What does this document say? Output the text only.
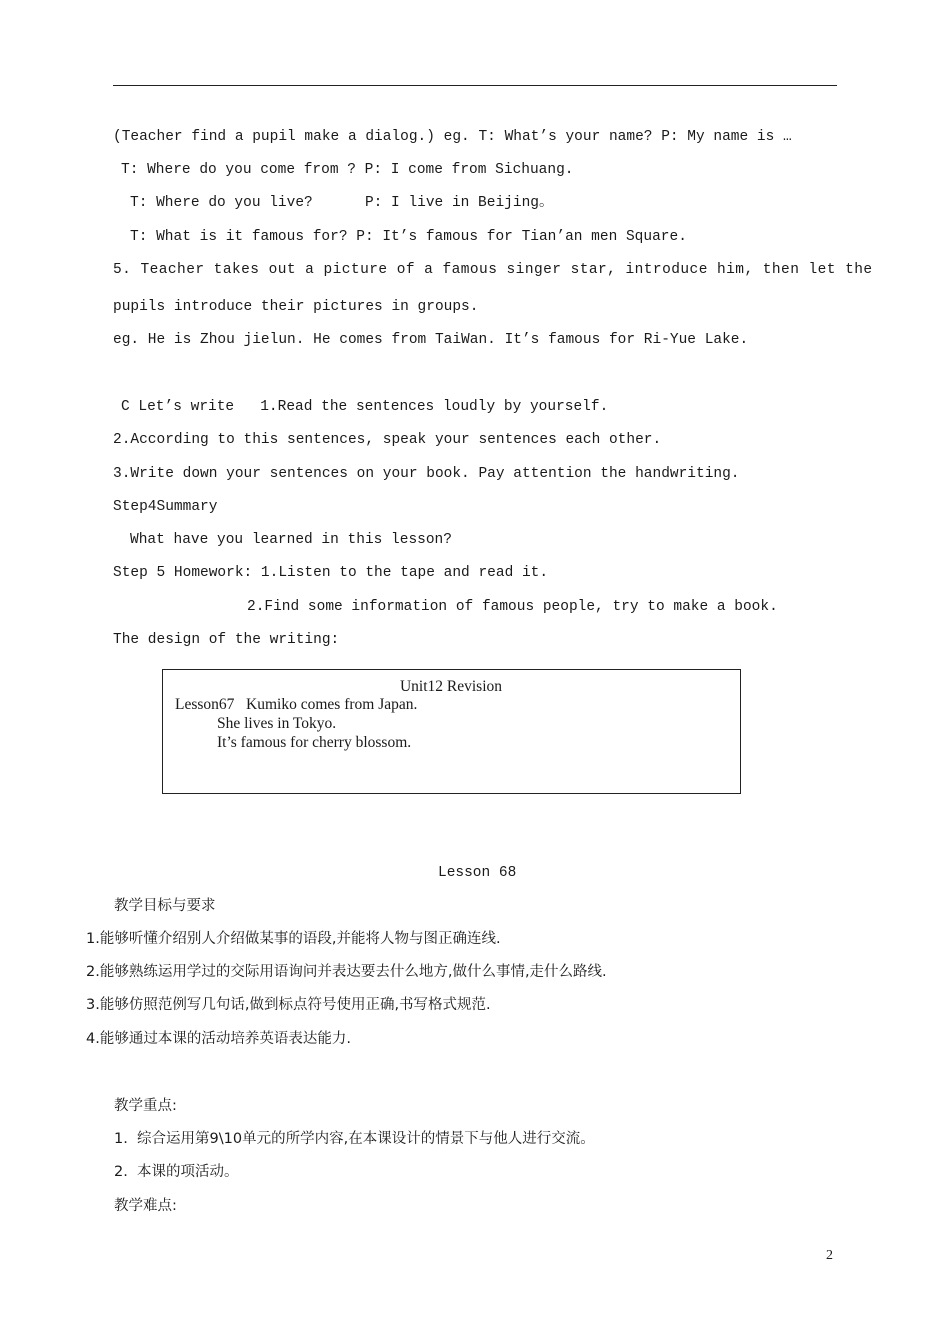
(Teacher find a pupil make a dialog.) eg. T: What’s your name? P: My name is …
T: Where do you come from ? P: I come from Sichuang.
T: Where do you live?      P: I live in Beijing。
T: What is it famous for? P: It’s famous for Tian’an men Square.
5. Teacher takes out a picture of a famous singer star, introduce him, then let the
pupils introduce their pictures in groups.
eg. He is Zhou jielun. He comes from TaiWan. It’s famous for Ri-Yue Lake.
C Let’s write   1.Read the sentences loudly by yourself.
2.According to this sentences, speak your sentences each other.
3.Write down your sentences on your book. Pay attention the handwriting.
Step4Summary
What have you learned in this lesson?
Step 5 Homework: 1.Listen to the tape and read it.
2.Find some information of famous people, try to make a book.
The design of the writing:
Unit12 Revision
Lesson67   Kumiko comes from Japan.
She lives in Tokyo.
It’s famous for cherry blossom.
Lesson 68
教学目标与要求
1.能够听懂介绍别人介绍做某事的语段,并能将人物与图正确连线.
2.能够熟练运用学过的交际用语询问并表达要去什么地方,做什么事情,走什么路线.
3.能够仿照范例写几句话,做到标点符号使用正确,书写格式规范.
4.能够通过本课的活动培养英语表达能力.
教学重点:
1.  综合运用第9\10单元的所学内容,在本课设计的情景下与他人进行交流。
2.  本课的项活动。
教学难点:
2
